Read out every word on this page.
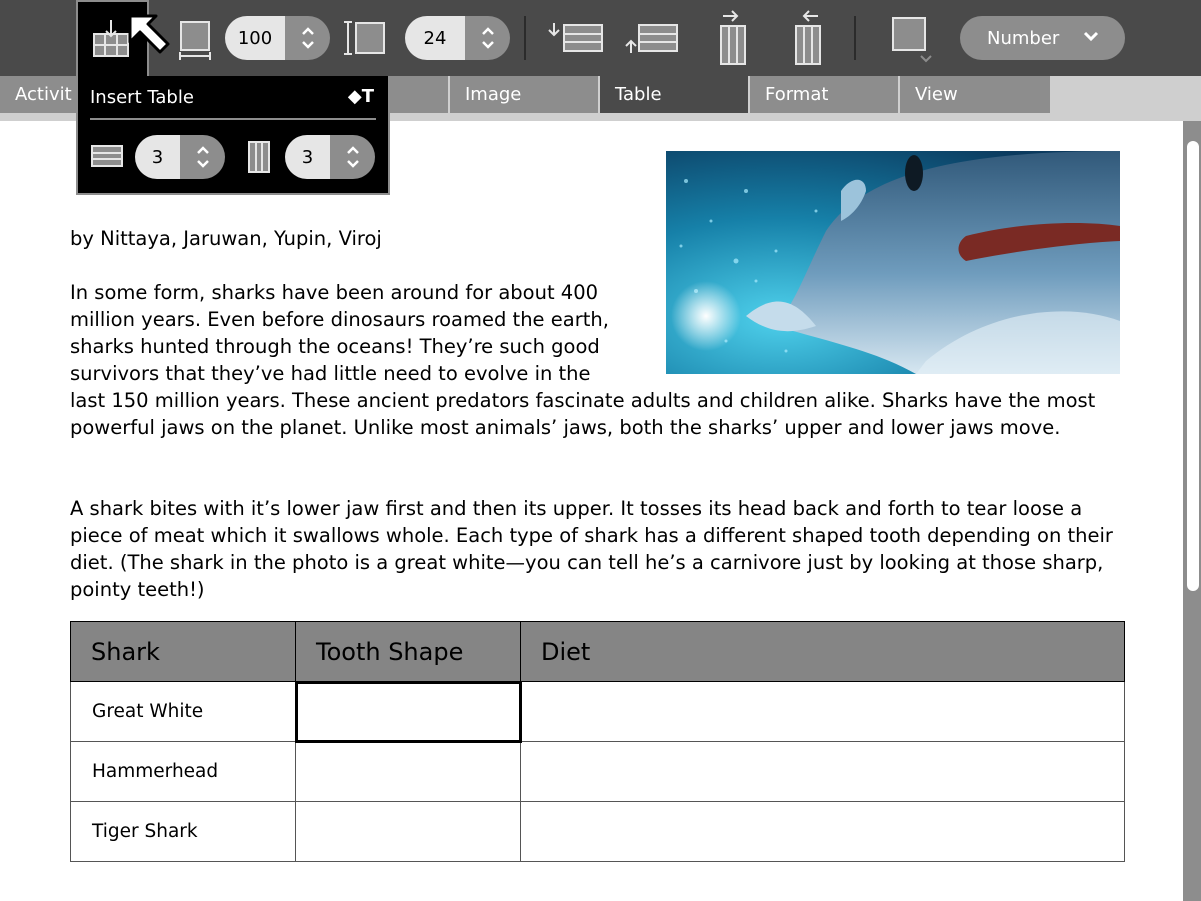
100	24	Number
Activit	Image	Table	Format	View
by Nittaya, Jaruwan, Yupin, Viroj
In some form, sharks have been around for about 400
million years. Even before dinosaurs roamed the earth,
sharks hunted through the oceans! They’re such good
survivors that they’ve had little need to evolve in the
last 150 million years. These ancient predators fascinate adults and children alike. Sharks have the most powerful jaws on the planet. Unlike most animals’ jaws, both the sharks’ upper and lower jaws move.
A shark bites with it’s lower jaw first and then its upper. It tosses its head back and forth to tear loose a piece of meat which it swallows whole. Each type of shark has a different shaped tooth depending on their diet. (The shark in the photo is a great white—you can tell he’s a carnivore just by looking at those sharp, pointy teeth!)
Shark	Tooth Shape	Diet
Great White		
Hammerhead		
Tiger Shark		
Insert Table	◆T
3	3
